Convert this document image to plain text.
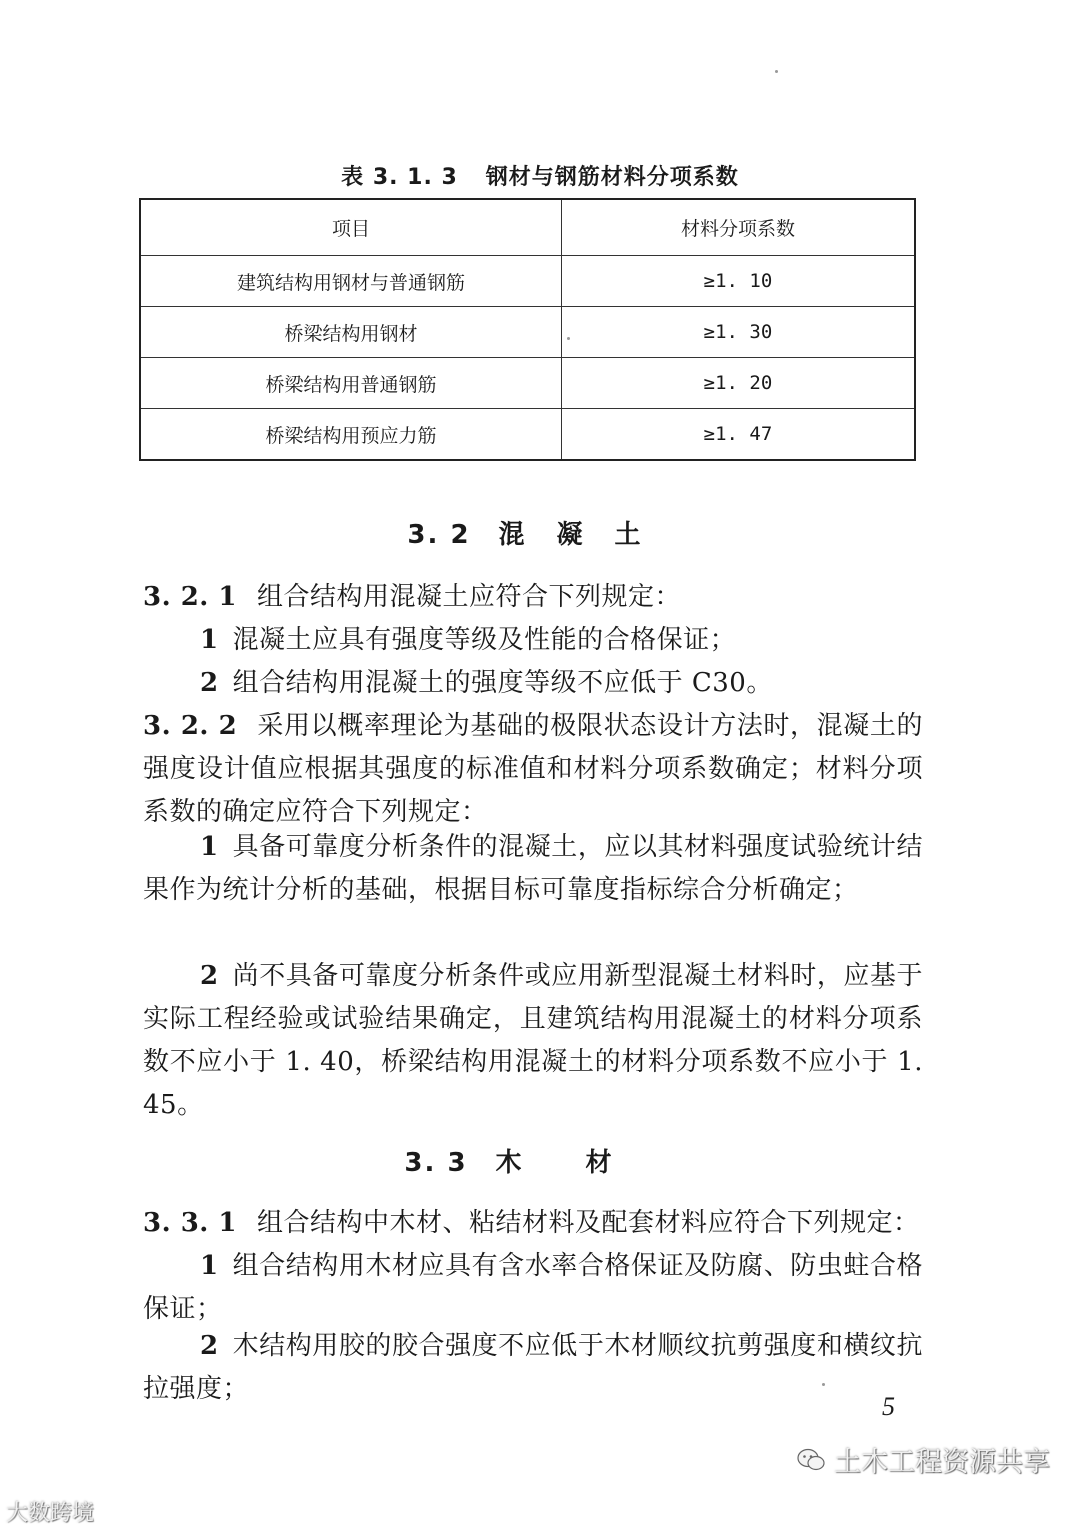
表 3. 1. 3 钢材与钢筋材料分项系数
项目	材料分项系数
建筑结构用钢材与普通钢筋	≥1. 10
桥梁结构用钢材	≥1. 30
桥梁结构用普通钢筋	≥1. 20
桥梁结构用预应力筋	≥1. 47
3. 2 混凝土
3. 2. 1 组合结构用混凝土应符合下列规定：
1 混凝土应具有强度等级及性能的合格保证；
2 组合结构用混凝土的强度等级不应低于 C30。
3. 2. 2 采用以概率理论为基础的极限状态设计方法时，混凝土的强度设计值应根据其强度的标准值和材料分项系数确定；材料分项系数的确定应符合下列规定：
1 具备可靠度分析条件的混凝土，应以其材料强度试验统计结果作为统计分析的基础，根据目标可靠度指标综合分析确定；
2 尚不具备可靠度分析条件或应用新型混凝土材料时，应基于实际工程经验或试验结果确定，且建筑结构用混凝土的材料分项系数不应小于 1. 40，桥梁结构用混凝土的材料分项系数不应小于 1. 45。
3. 3 木材
3. 3. 1 组合结构中木材、粘结材料及配套材料应符合下列规定：
1 组合结构用木材应具有含水率合格保证及防腐、防虫蛀合格保证；
2 木结构用胶的胶合强度不应低于木材顺纹抗剪强度和横纹抗拉强度；
5
大数跨境
土木工程资源共享
